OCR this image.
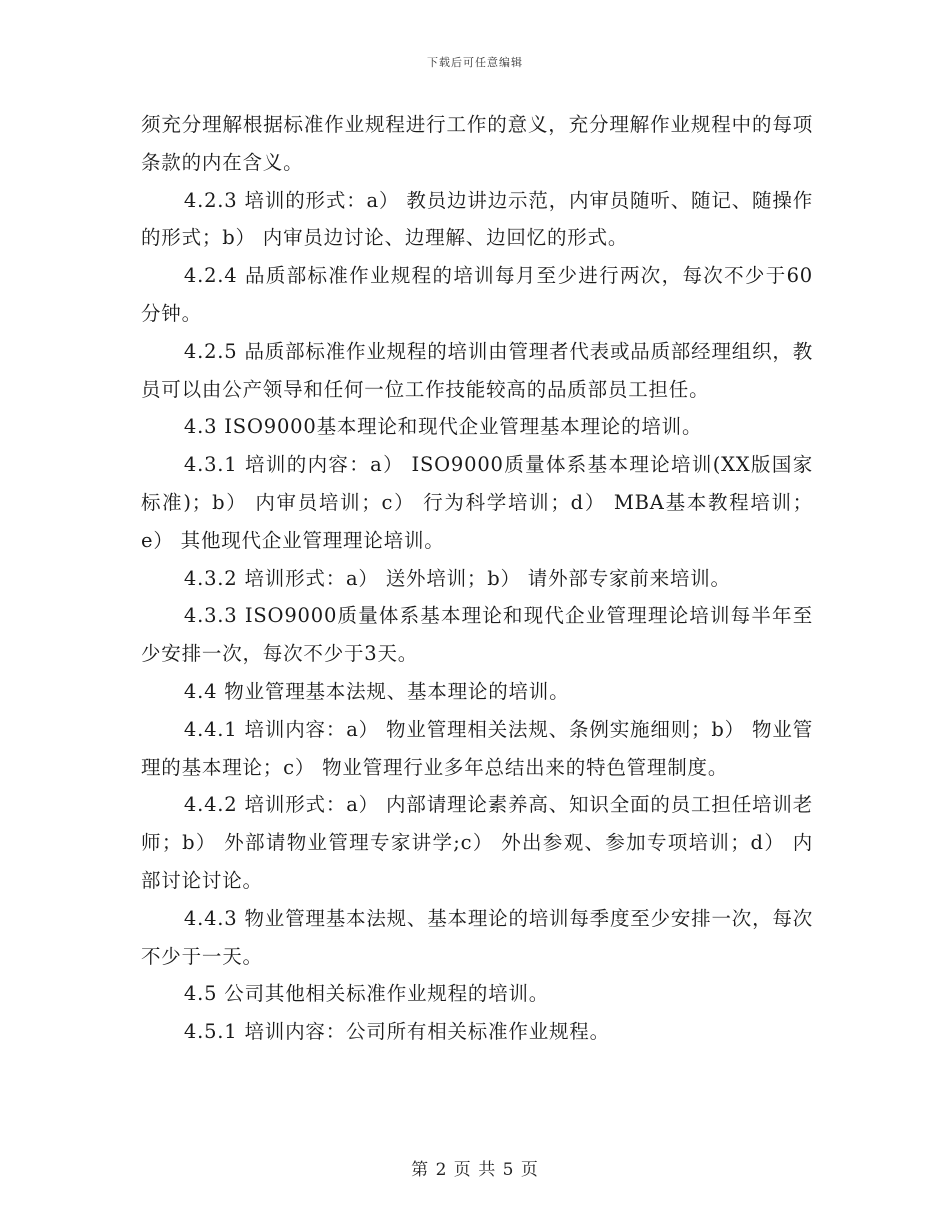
下载后可任意编辑

须充分理解根据标准作业规程进行工作的意义，充分理解作业规程中的每项条款的内在含义。

4.2.3 培训的形式：a） 教员边讲边示范，内审员随听、随记、随操作的形式；b） 内审员边讨论、边理解、边回忆的形式。

4.2.4 品质部标准作业规程的培训每月至少进行两次，每次不少于60分钟。

4.2.5 品质部标准作业规程的培训由管理者代表或品质部经理组织，教员可以由公产领导和任何一位工作技能较高的品质部员工担任。

4.3 ISO9000基本理论和现代企业管理基本理论的培训。

4.3.1 培训的内容：a） ISO9000质量体系基本理论培训(XX版国家标准)；b） 内审员培训；c） 行为科学培训；d） MBA基本教程培训；e） 其他现代企业管理理论培训。

4.3.2 培训形式：a） 送外培训；b） 请外部专家前来培训。

4.3.3 ISO9000质量体系基本理论和现代企业管理理论培训每半年至少安排一次，每次不少于3天。

4.4 物业管理基本法规、基本理论的培训。

4.4.1 培训内容：a） 物业管理相关法规、条例实施细则；b） 物业管理的基本理论；c） 物业管理行业多年总结出来的特色管理制度。

4.4.2 培训形式：a） 内部请理论素养高、知识全面的员工担任培训老师；b） 外部请物业管理专家讲学;c） 外出参观、参加专项培训；d） 内部讨论讨论。

4.4.3 物业管理基本法规、基本理论的培训每季度至少安排一次，每次不少于一天。

4.5 公司其他相关标准作业规程的培训。

4.5.1 培训内容：公司所有相关标准作业规程。

第 2 页 共 5 页
